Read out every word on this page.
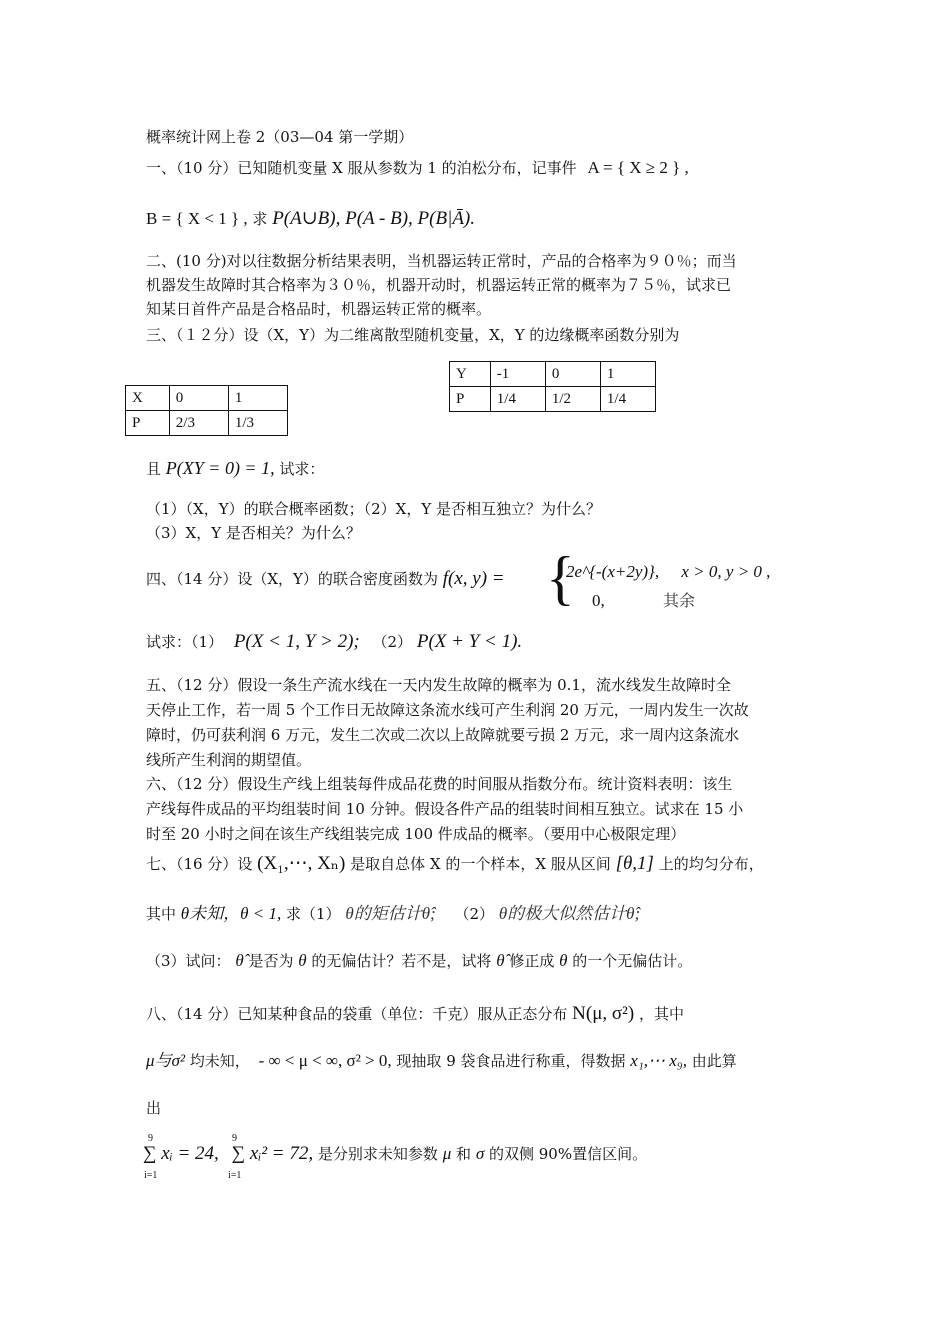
概率统计网上卷 2（03—04 第一学期）
一、（10 分）已知随机变量 X 服从参数为 1 的泊松分布，记事件 A = { X ≥ 2 } ,
B = { X < 1 } , 求 P(A∪B), P(A - B), P(B|Ā).
二、(10 分)对以往数据分析结果表明，当机器运转正常时，产品的合格率为９０％；而当
机器发生故障时其合格率为３０％，机器开动时，机器运转正常的概率为７５％，试求已
知某日首件产品是合格品时，机器运转正常的概率。
三、（１２分）设（X，Y）为二维离散型随机变量，X，Y 的边缘概率函数分别为
Y	-1	0	1
P	1/4	1/2	1/4
X	0	1
P	2/3	1/3
且 P(XY = 0) = 1, 试求：
（1）（X，Y）的联合概率函数；（2）X，Y 是否相互独立？为什么？
（3）X，Y 是否相关？为什么？
四、（14 分）设（X，Y）的联合密度函数为 f(x, y) = {
2e^{-(x+2y)}, x > 0, y > 0 ,
0,	其余
试求：（1） P(X < 1, Y > 2); （2） P(X + Y < 1).
五、（12 分）假设一条生产流水线在一天内发生故障的概率为 0.1，流水线发生故障时全
天停止工作，若一周 5 个工作日无故障这条流水线可产生利润 20 万元，一周内发生一次故
障时，仍可获利润 6 万元，发生二次或二次以上故障就要亏损 2 万元，求一周内这条流水
线所产生利润的期望值。
六、（12 分）假设生产线上组装每件成品花费的时间服从指数分布。统计资料表明：该生
产线每件成品的平均组装时间 10 分钟。假设各件产品的组装时间相互独立。试求在 15 小
时至 20 小时之间在该生产线组装完成 100 件成品的概率。（要用中心极限定理）
七、（16 分）设 (X₁,⋯, Xₙ) 是取自总体 X 的一个样本，X 服从区间 [θ,1] 上的均匀分布，
其中 θ未知，θ < 1, 求（1） θ的矩估计θ̂; （2） θ的极大似然估计θ̂;
（3）试问： θ̂ 是否为 θ 的无偏估计？若不是，试将 θ̂ 修正成 θ 的一个无偏估计。
八、（14 分）已知某种食品的袋重（单位：千克）服从正态分布 N(μ, σ²) ，其中
μ与σ² 均未知， - ∞ < μ < ∞, σ² > 0, 现抽取 9 袋食品进行称重，得数据 x₁,⋯ x₉, 由此算
出
9
i=1
9
i=1
∑ xᵢ = 24, ∑ xᵢ² = 72, 是分别求未知参数 μ 和 σ 的双侧 90%置信区间。
